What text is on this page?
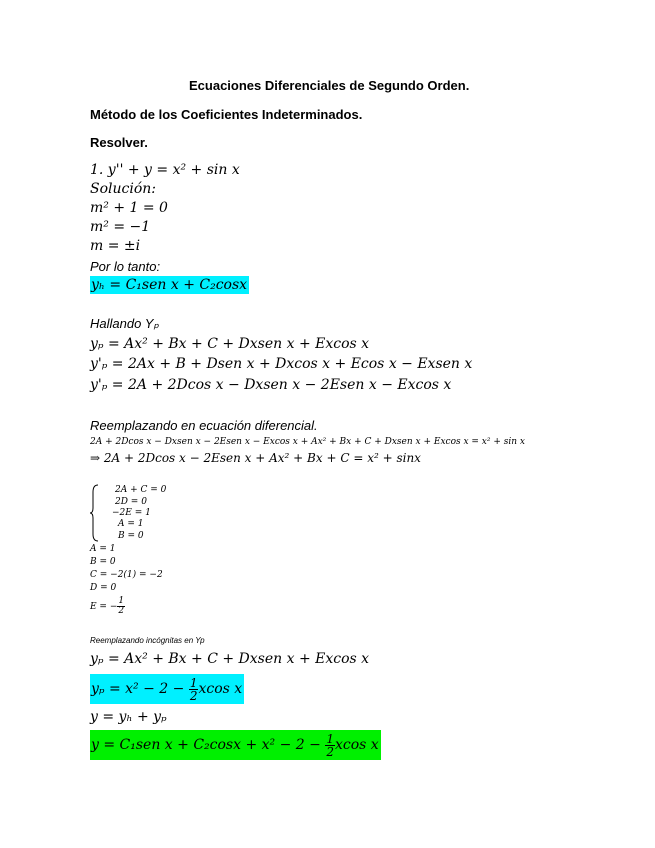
Ecuaciones Diferenciales de Segundo Orden.
Método de los Coeficientes Indeterminados.
Resolver.
1. y'' + y = x² + sin x
Solución:
m² + 1 = 0
m² = −1
m = ±i
Por lo tanto:
yₕ = C₁sen x + C₂cosx
Hallando Yₚ
yₚ = Ax² + Bx + C + Dxsen x + Excos x
y'ₚ = 2Ax + B + Dsen x + Dxcos x + Ecos x − Exsen x
y'ₚ = 2A + 2Dcos x − Dxsen x − 2Esen x − Excos x
Reemplazando en ecuación diferencial.
2A + 2Dcos x − Dxsen x − 2Esen x − Excos x + Ax² + Bx + C + Dxsen x + Excos x = x² + sin x
⇒ 2A + 2Dcos x − 2Esen x + Ax² + Bx + C = x² + sinx
2A + C = 0
2D = 0
−2E = 1
A = 1
B = 0
A = 1
B = 0
C = −2(1) = −2
D = 0
E = − $\frac{1}{2}$
Reemplazando incógnitas en Yp
yₚ = Ax² + Bx + C + Dxsen x + Excos x
$y_p = x^2 - 2 - \frac{1}{2}$ xcos x
y = yₕ + yₚ
y = C₁sen $x + C_2\cos x + x^2 - 2 - \frac{1}{2}$ xcos x
